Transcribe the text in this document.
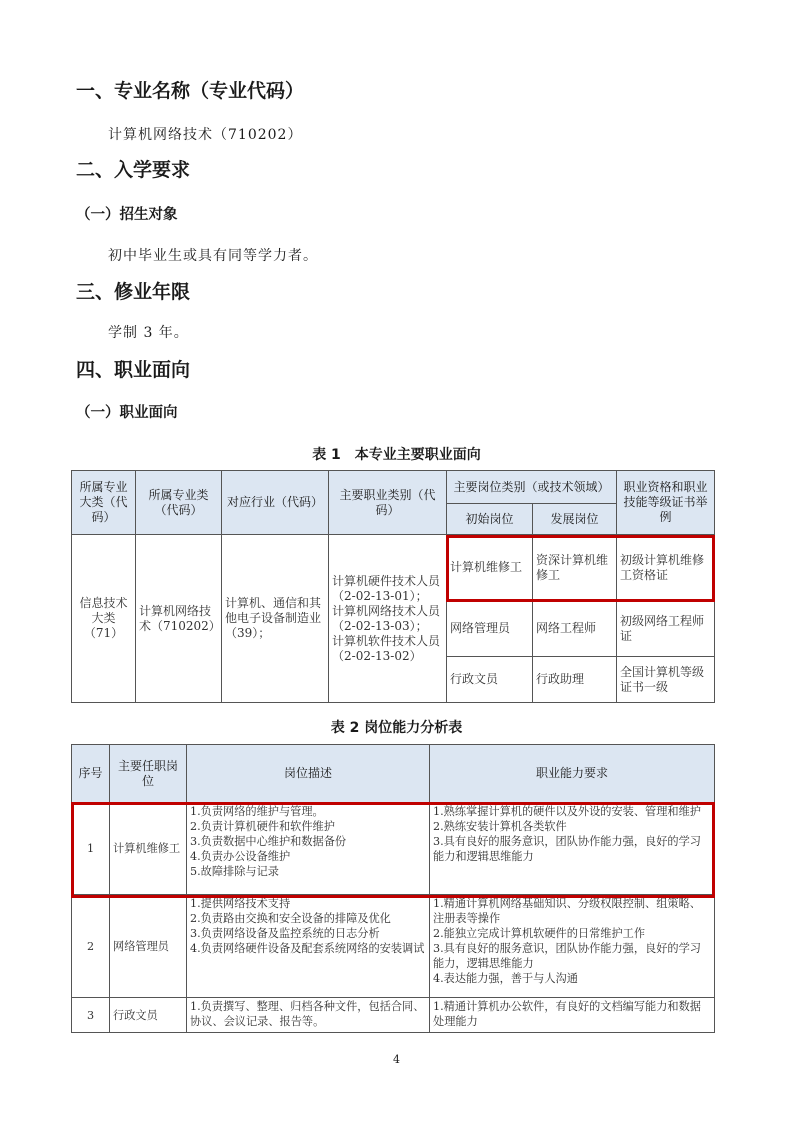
一、专业名称（专业代码）
计算机网络技术（710202）
二、入学要求
（一）招生对象
初中毕业生或具有同等学力者。
三、修业年限
学制 3 年。
四、职业面向
（一）职业面向
表 1　本专业主要职业面向
所属专业大类（代码）	所属专业类（代码）	对应行业（代码）	主要职业类别（代码）	主要岗位类别（或技术领域）		职业资格和职业技能等级证书举例
				初始岗位	发展岗位	
信息技术大类（71）	计算机网络技术（710202）	计算机、通信和其他电子设备制造业（39）；	计算机硬件技术人员（2-02-13-01）；
计算机网络技术人员（2-02-13-03）；
计算机软件技术人员（2-02-13-02）	计算机维修工	资深计算机维修工	初级计算机维修工资格证
				网络管理员	网络工程师	初级网络工程师证
				行政文员	行政助理	全国计算机等级证书一级
表 2 岗位能力分析表
序号	主要任职岗位	岗位描述	职业能力要求
1	计算机维修工	1.负责网络的维护与管理。
2.负责计算机硬件和软件维护
3.负责数据中心维护和数据备份
4.负责办公设备维护
5.故障排除与记录	1.熟练掌握计算机的硬件以及外设的安装、管理和维护
2.熟练安装计算机各类软件
3.具有良好的服务意识，团队协作能力强，良好的学习能力和逻辑思维能力

2	网络管理员	1.提供网络技术支持
2.负责路由交换和安全设备的排障及优化
3.负责网络设备及监控系统的日志分析
4.负责网络硬件设备及配套系统网络的安装调试	1.精通计算机网络基础知识、分级权限控制、组策略、注册表等操作
2.能独立完成计算机软硬件的日常维护工作
3.具有良好的服务意识，团队协作能力强，良好的学习能力，逻辑思维能力
4.表达能力强，善于与人沟通

3	行政文员	1.负责撰写、整理、归档各种文件，包括合同、协议、会议记录、报告等。	1.精通计算机办公软件，有良好的文档编写能力和数据处理能力
4
